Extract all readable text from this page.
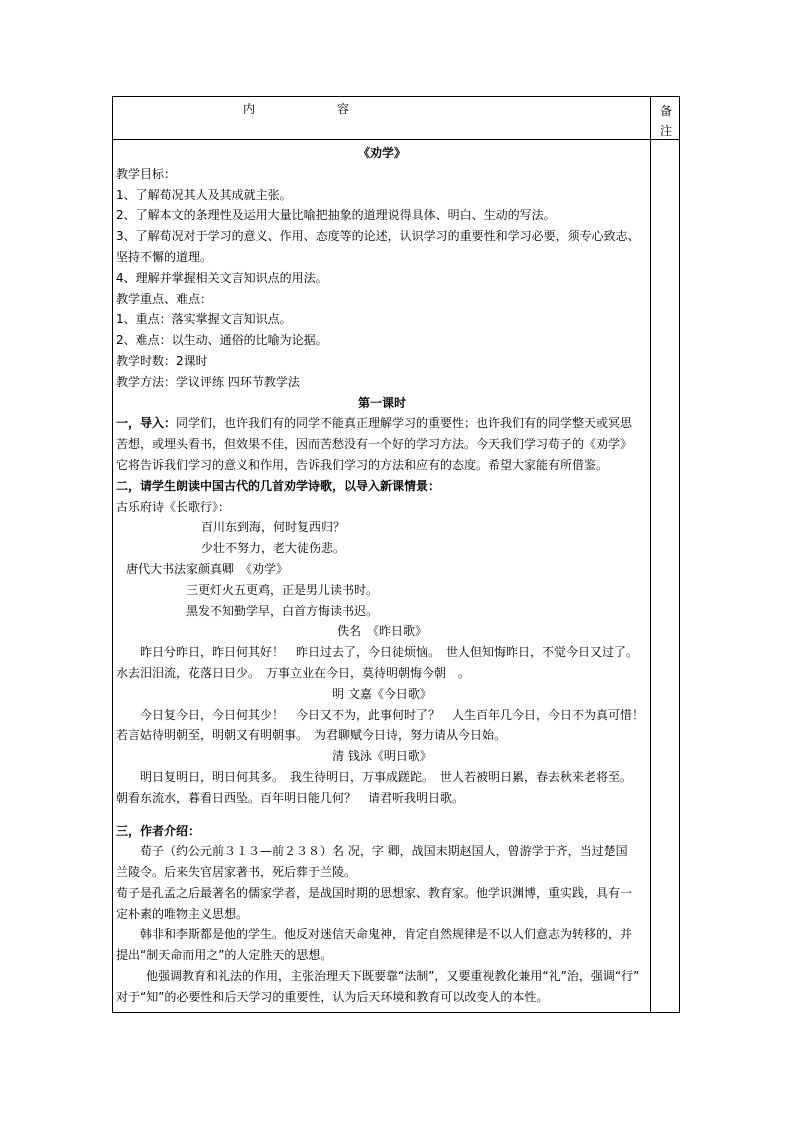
内	容	备
注
《劝学》
教学目标：
1、了解荀况其人及其成就主张。
2、了解本文的条理性及运用大量比喻把抽象的道理说得具体、明白、生动的写法。
3、了解荀况对于学习的意义、作用、态度等的论述，认识学习的重要性和学习必要，须专心致志、
坚持不懈的道理。
4、理解并掌握相关文言知识点的用法。
教学重点、难点：
1、重点：落实掌握文言知识点。
2、难点：以生动、通俗的比喻为论据。
教学时数：2课时
教学方法：学议评练 四环节教学法
第一课时
一，导入：同学们，也许我们有的同学不能真正理解学习的重要性；也许我们有的同学整天或冥思
苦想，或埋头看书，但效果不佳，因而苦愁没有一个好的学习方法。今天我们学习荀子的《劝学》
它将告诉我们学习的意义和作用，告诉我们学习的方法和应有的态度。希望大家能有所借鉴。
二，请学生朗读中国古代的几首劝学诗歌，以导入新课情景：
古乐府诗《长歌行》：
百川东到海，何时复西归？
少壮不努力，老大徒伤悲。
唐代大书法家颜真卿　《劝学》
三更灯火五更鸡，正是男儿读书时。
黑发不知勤学早，白首方悔读书迟。
佚名　《昨日歌》
昨日兮昨日，昨日何其好！　昨日过去了，今日徒烦恼。　世人但知悔昨日，不觉今日又过了。
水去汨汨流，花落日日少。　万事立业在今日，莫待明朝悔今朝　。
明 文嘉《今日歌》
今日复今日，今日何其少！　今日又不为，此事何时了？　人生百年几今日，今日不为真可惜！
若言姑待明朝至，明朝又有明朝事。　为君聊赋今日诗，努力请从今日始。
清 钱泳《明日歌》
明日复明日，明日何其多。　我生待明日，万事成蹉跎。　世人若被明日累，春去秋来老将至。
朝看东流水，暮看日西坠。百年明日能几何？　请君听我明日歌。
三，作者介绍：
荀子（约公元前３１３—前２３８）名 况，字 卿，战国末期赵国人，曾游学于齐，当过楚国
兰陵令。后来失官居家著书，死后葬于兰陵。
荀子是孔孟之后最著名的儒家学者，是战国时期的思想家、教育家。他学识渊博，重实践，具有一
定朴素的唯物主义思想。
韩非和李斯都是他的学生。他反对迷信天命鬼神，肯定自然规律是不以人们意志为转移的，并
提出“制天命而用之”的人定胜天的思想。
他强调教育和礼法的作用，主张治理天下既要靠“法制”，又要重视教化兼用“礼”治，强调“行”
对于“知”的必要性和后天学习的重要性，认为后天环境和教育可以改变人的本性。
